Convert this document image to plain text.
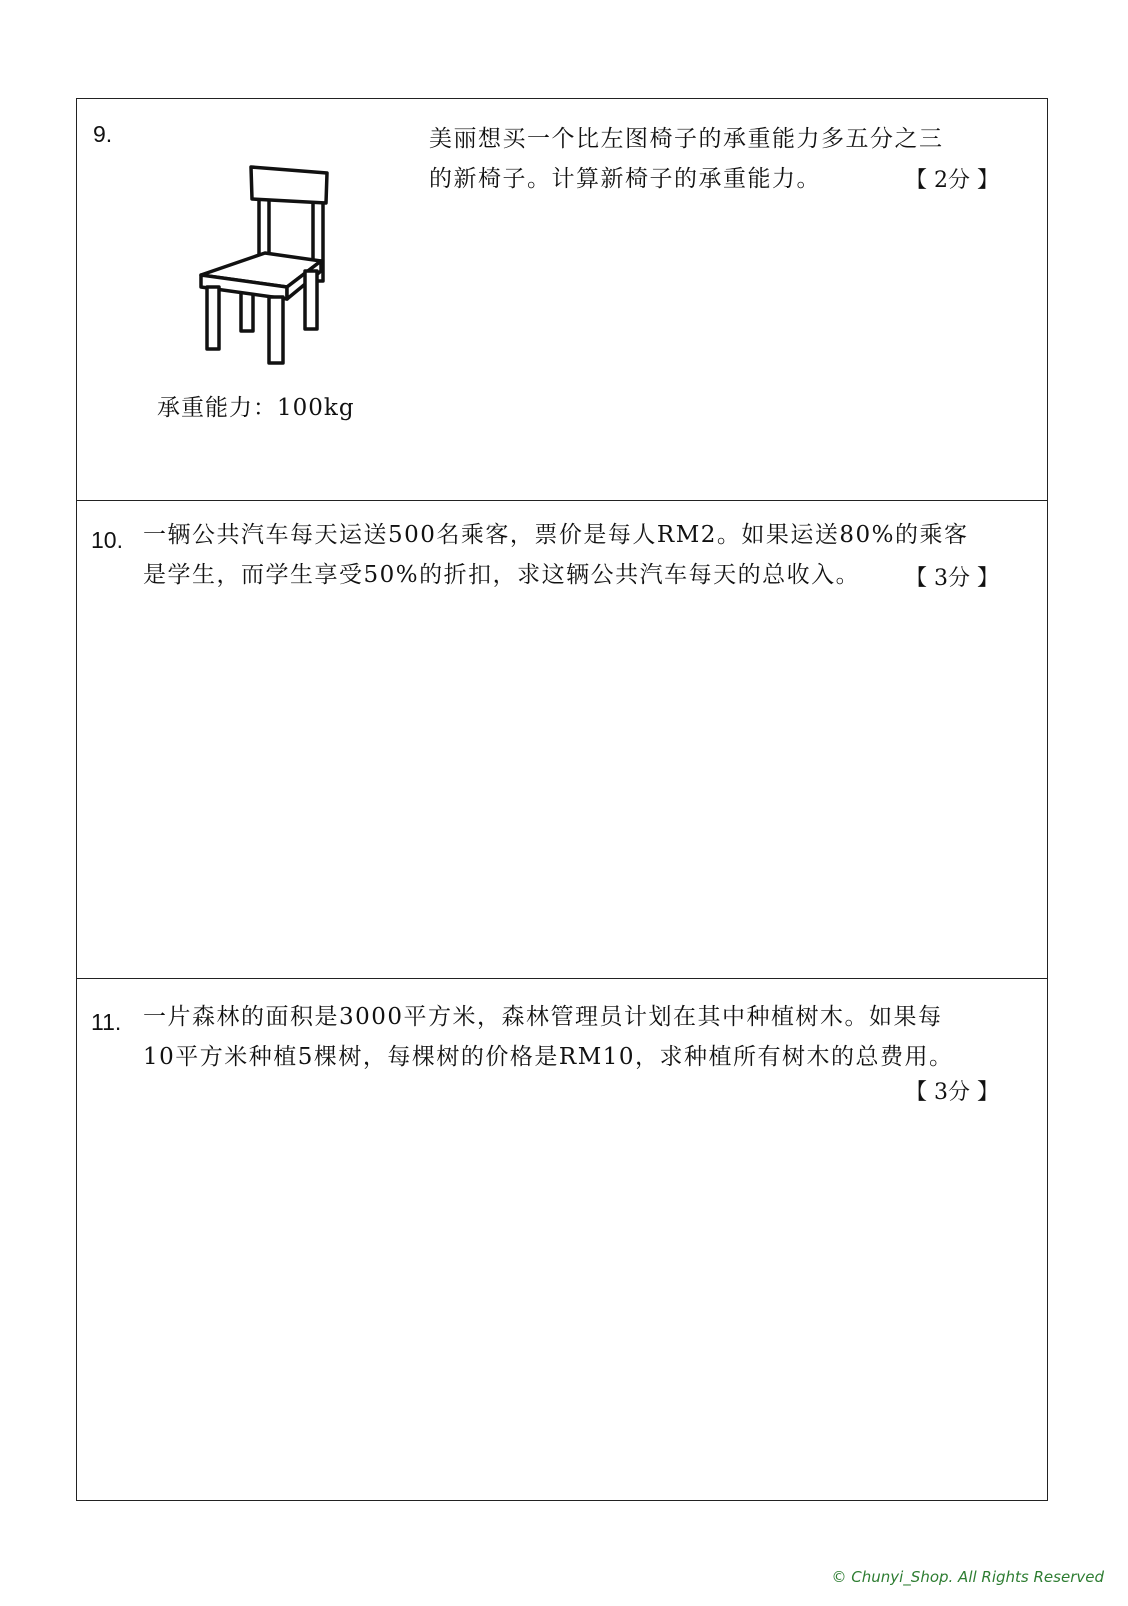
9.
承重能力：100kg
美丽想买一个比左图椅子的承重能力多五分之三
的新椅子。计算新椅子的承重能力。	【 2分 】
10. 一辆公共汽车每天运送500名乘客，票价是每人RM2。如果运送80%的乘客
是学生，而学生享受50%的折扣，求这辆公共汽车每天的总收入。	【 3分 】
11. 一片森林的面积是3000平方米，森林管理员计划在其中种植树木。如果每
10平方米种植5棵树，每棵树的价格是RM10，求种植所有树木的总费用。
【 3分 】
© Chunyi_Shop. All Rights Reserved
